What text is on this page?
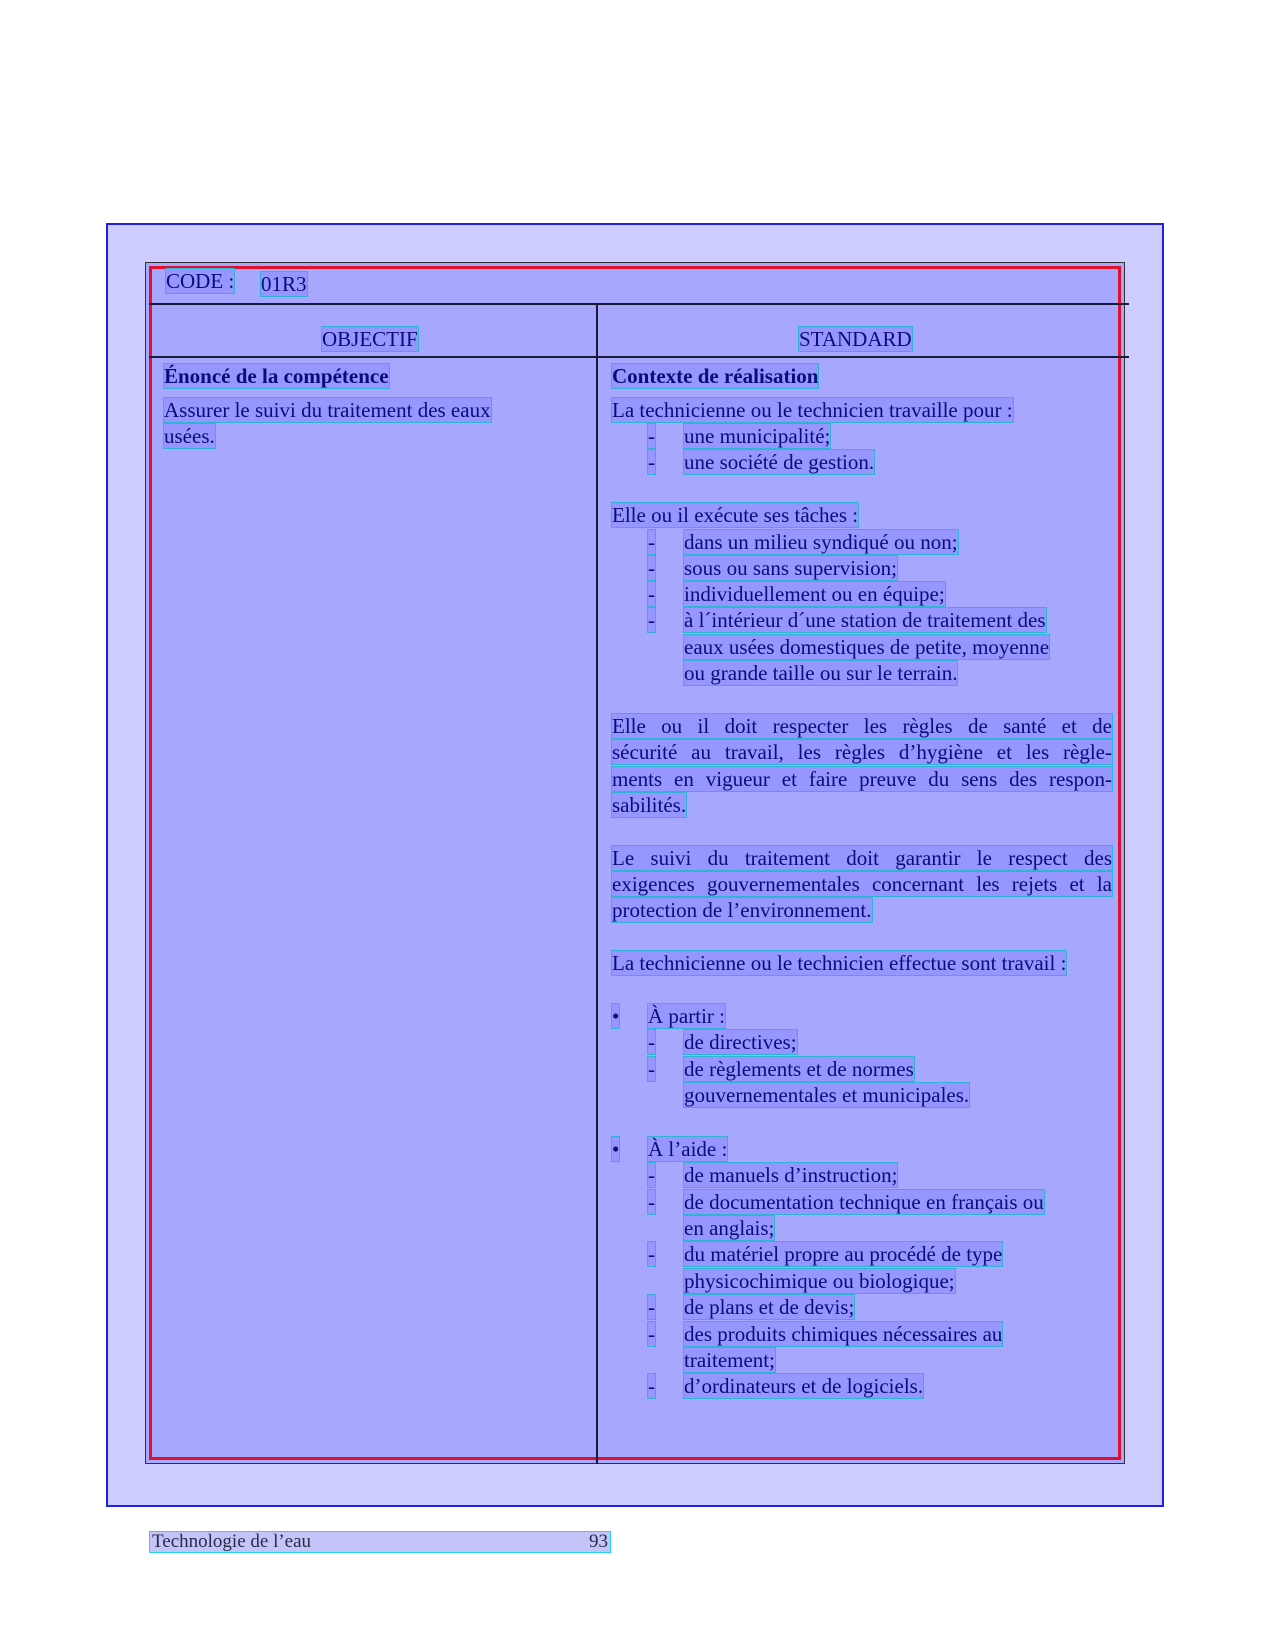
CODE : 01R3
OBJECTIF	STANDARD
Énoncé de la compétence
Assurer le suivi du traitement des eaux
usées.
Contexte de réalisation
La technicienne ou le technicien travaille pour :
- une municipalité;
- une société de gestion.
Elle ou il exécute ses tâches :
- dans un milieu syndiqué ou non;
- sous ou sans supervision;
- individuellement ou en équipe;
- à l´intérieur d´une station de traitement des
eaux usées domestiques de petite, moyenne
ou grande taille ou sur le terrain.
Elle ou il doit respecter les règles de santé et de
sécurité au travail, les règles d’hygiène et les règle-
ments en vigueur et faire preuve du sens des respon-
sabilités.
Le suivi du traitement doit garantir le respect des
exigences gouvernementales concernant les rejets et la
protection de l’environnement.
La technicienne ou le technicien effectue sont travail :
• À partir :
- de directives;
- de règlements et de normes
gouvernementales et municipales.
• À l’aide :
- de manuels d’instruction;
- de documentation technique en français ou
en anglais;
- du matériel propre au procédé de type
physicochimique ou biologique;
- de plans et de devis;
- des produits chimiques nécessaires au
traitement;
- d’ordinateurs et de logiciels.
Technologie de l’eau	93
